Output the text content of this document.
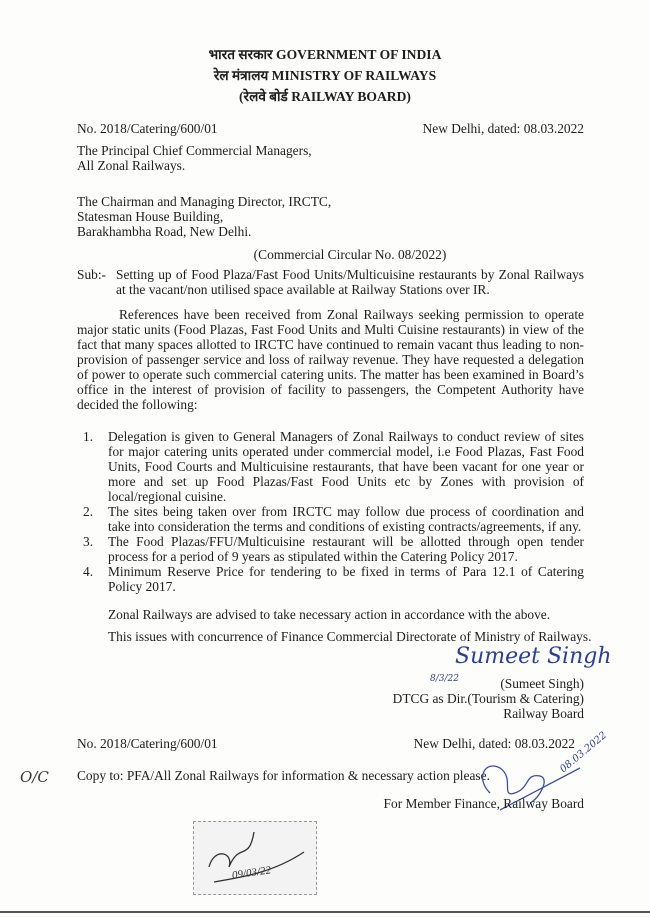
भारत सरकार GOVERNMENT OF INDIA
रेल मंत्रालय MINISTRY OF RAILWAYS
(रेलवे बोर्ड RAILWAY BOARD)
No. 2018/Catering/600/01	New Delhi, dated: 08.03.2022
The Principal Chief Commercial Managers,
All Zonal Railways.
The Chairman and Managing Director, IRCTC,
Statesman House Building,
Barakhambha Road, New Delhi.
(Commercial Circular No. 08/2022)
Sub:- Setting up of Food Plaza/Fast Food Units/Multicuisine restaurants by Zonal Railways at the vacant/non utilised space available at Railway Stations over IR.
References have been received from Zonal Railways seeking permission to operate major static units (Food Plazas, Fast Food Units and Multi Cuisine restaurants) in view of the fact that many spaces allotted to IRCTC have continued to remain vacant thus leading to non-provision of passenger service and loss of railway revenue. They have requested a delegation of power to operate such commercial catering units. The matter has been examined in Board’s office in the interest of provision of facility to passengers, the Competent Authority have decided the following:
1. Delegation is given to General Managers of Zonal Railways to conduct review of sites for major catering units operated under commercial model, i.e Food Plazas, Fast Food Units, Food Courts and Multicuisine restaurants, that have been vacant for one year or more and set up Food Plazas/Fast Food Units etc by Zones with provision of local/regional cuisine.
2. The sites being taken over from IRCTC may follow due process of coordination and take into consideration the terms and conditions of existing contracts/agreements, if any.
3. The Food Plazas/FFU/Multicuisine restaurant will be allotted through open tender process for a period of 9 years as stipulated within the Catering Policy 2017.
4. Minimum Reserve Price for tendering to be fixed in terms of Para 12.1 of Catering Policy 2017.
Zonal Railways are advised to take necessary action in accordance with the above.
This issues with concurrence of Finance Commercial Directorate of Ministry of Railways.
Sumeet Singh
8/3/22	(Sumeet Singh)
DTCG as Dir.(Tourism & Catering)
Railway Board
No. 2018/Catering/600/01	New Delhi, dated: 08.03.2022
O/C Copy to: PFA/All Zonal Railways for information & necessary action please.
08.03.2022
For Member Finance, Railway Board
09/03/22
